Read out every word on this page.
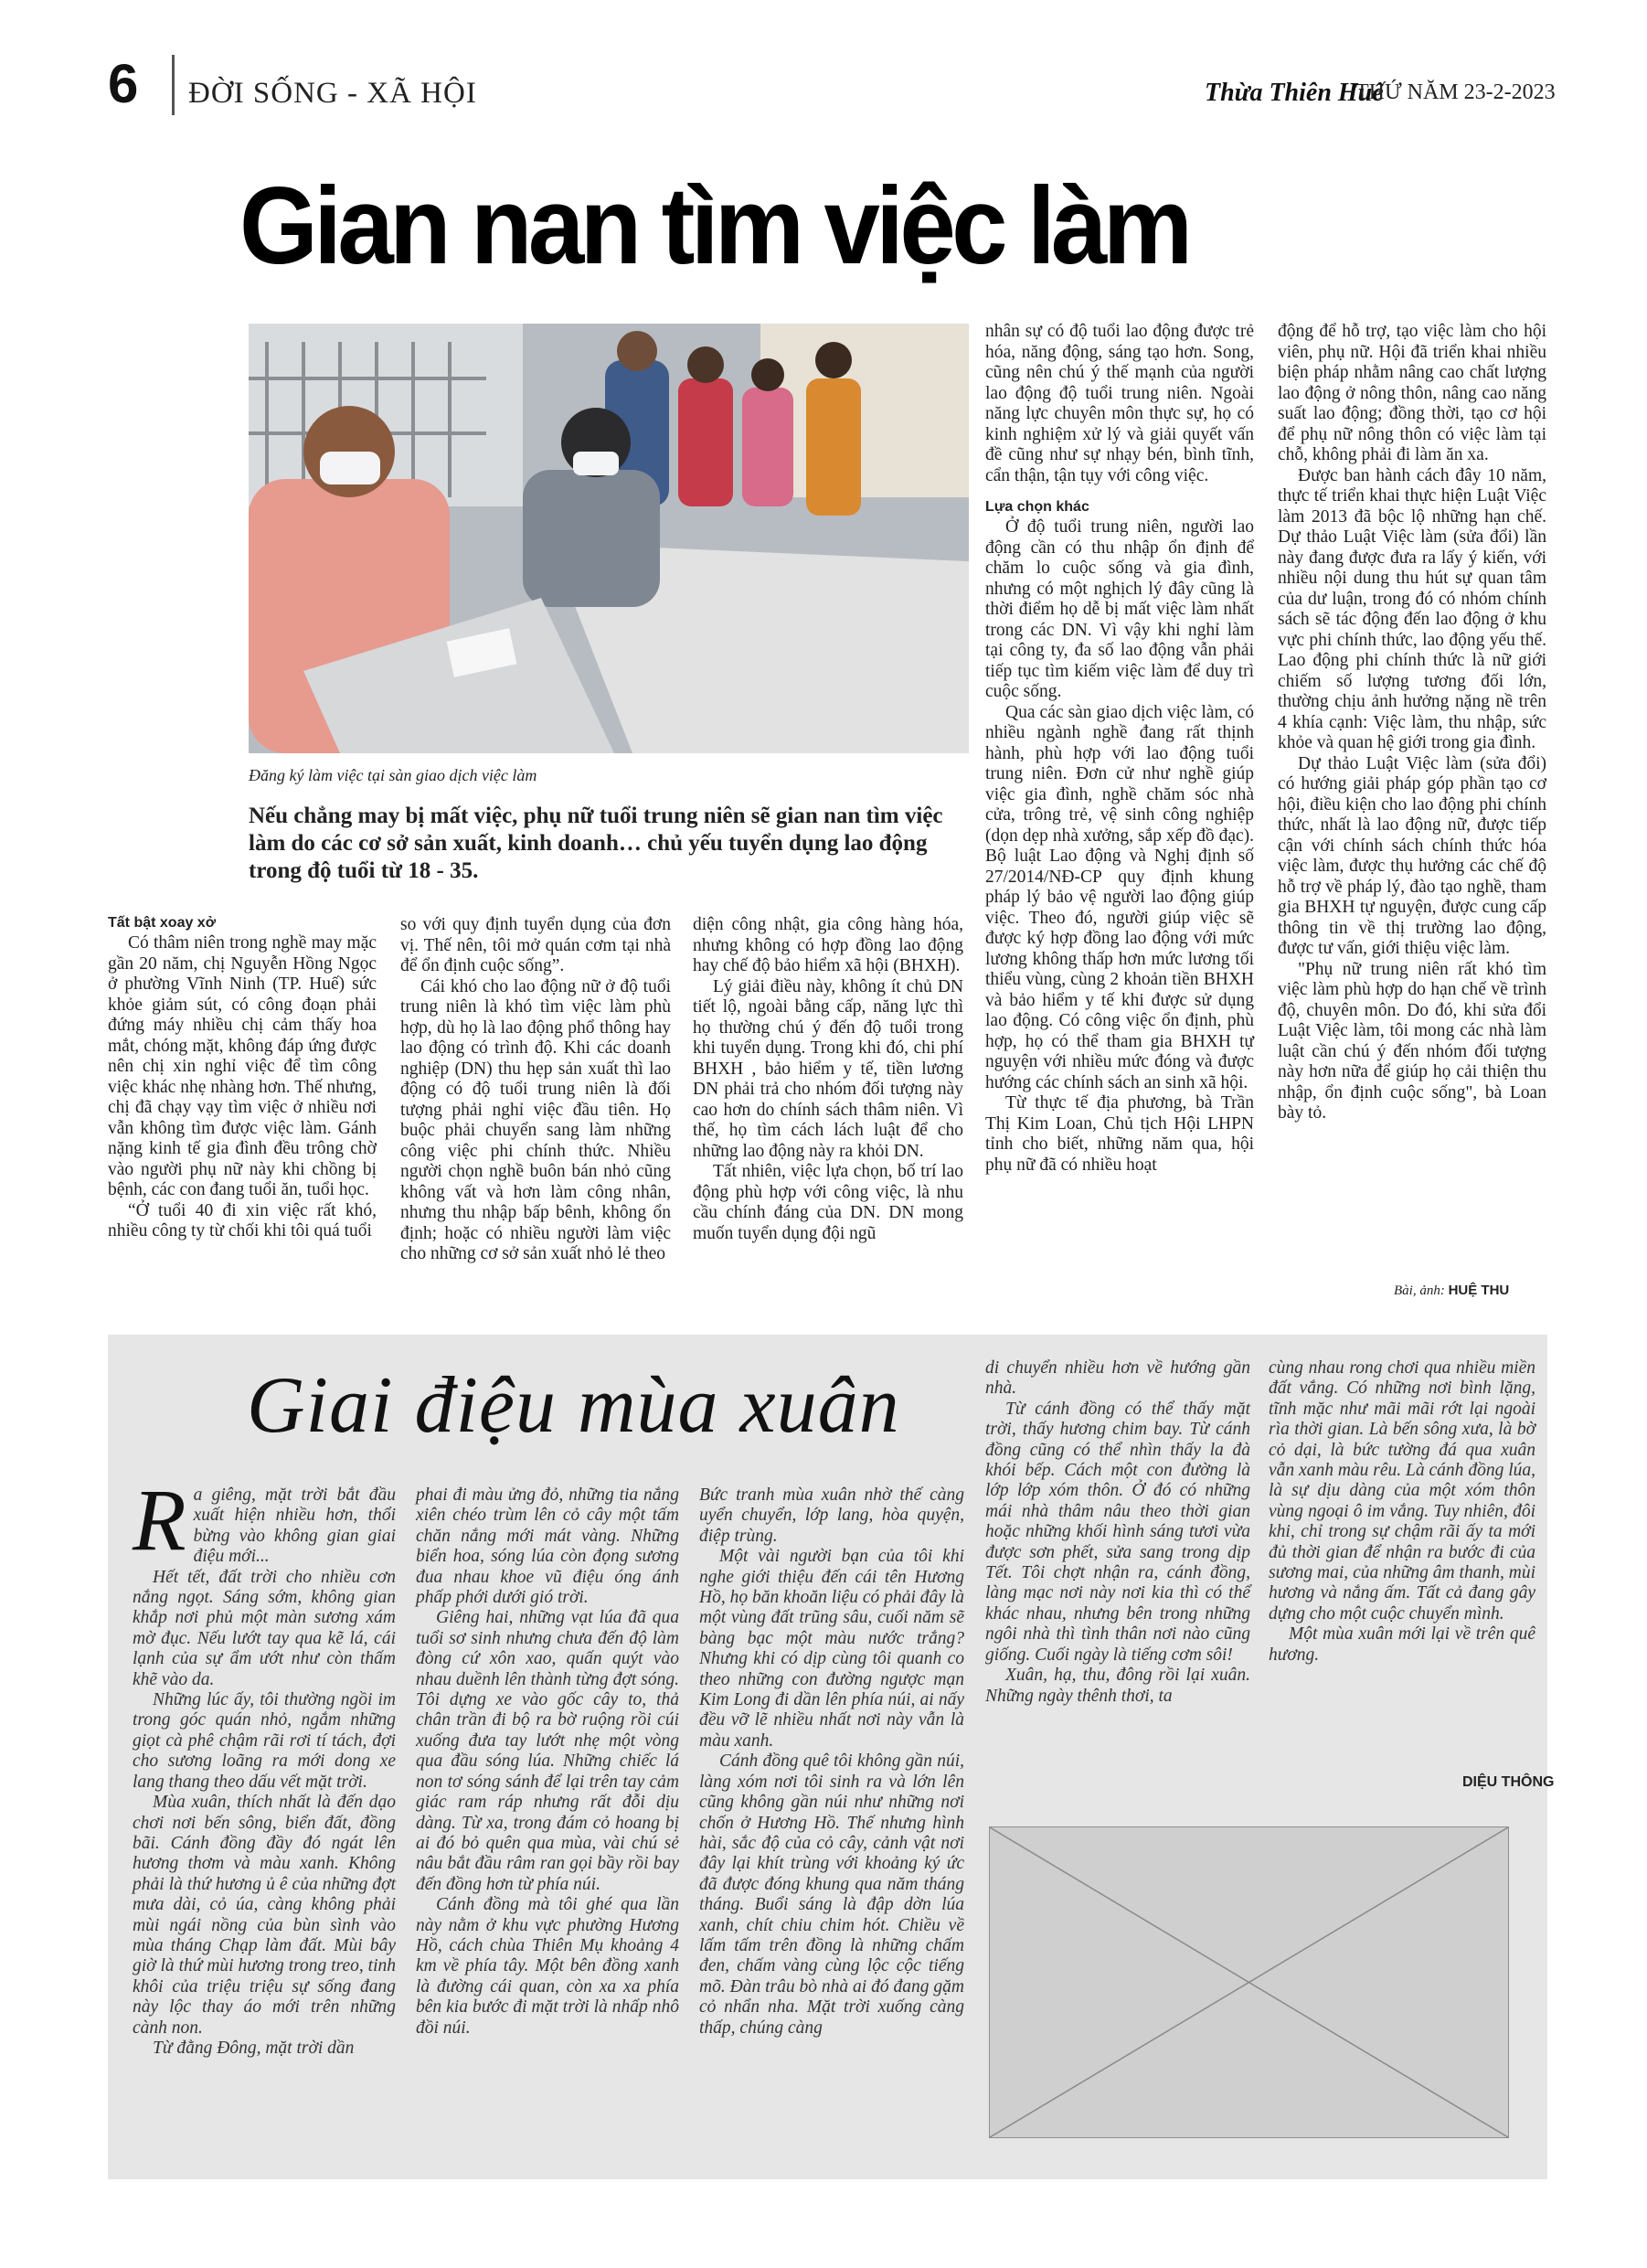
6 ĐỜI SỐNG - XÃ HỘI	Thừa Thiên Huế
THỨ NĂM 23-2-2023
Gian nan tìm việc làm
Đăng ký làm việc tại sàn giao dịch việc làm
Nếu chẳng may bị mất việc, phụ nữ tuổi trung niên sẽ gian nan tìm việc làm do các cơ sở sản xuất, kinh doanh… chủ yếu tuyển dụng lao động trong độ tuổi từ 18 - 35.
Tất bật xoay xở

Có thâm niên trong nghề may mặc gần 20 năm, chị Nguyễn Hồng Ngọc ở phường Vĩnh Ninh (TP. Huế) sức khỏe giảm sút, có công đoạn phải đứng máy nhiều chị cảm thấy hoa mắt, chóng mặt, không đáp ứng được nên chị xin nghỉ việc để tìm công việc khác nhẹ nhàng hơn. Thế nhưng, chị đã chạy vạy tìm việc ở nhiều nơi vẫn không tìm được việc làm. Gánh nặng kinh tế gia đình đều trông chờ vào người phụ nữ này khi chồng bị bệnh, các con đang tuổi ăn, tuổi học.

“Ở tuổi 40 đi xin việc rất khó, nhiều công ty từ chối khi tôi quá tuổi

so với quy định tuyển dụng của đơn vị. Thế nên, tôi mở quán cơm tại nhà để ổn định cuộc sống”.

Cái khó cho lao động nữ ở độ tuổi trung niên là khó tìm việc làm phù hợp, dù họ là lao động phổ thông hay lao động có trình độ. Khi các doanh nghiệp (DN) thu hẹp sản xuất thì lao động có độ tuổi trung niên là đối tượng phải nghỉ việc đầu tiên. Họ buộc phải chuyển sang làm những công việc phi chính thức. Nhiều người chọn nghề buôn bán nhỏ cũng không vất và hơn làm công nhân, nhưng thu nhập bấp bênh, không ổn định; hoặc có nhiều người làm việc cho những cơ sở sản xuất nhỏ lẻ theo

diện công nhật, gia công hàng hóa, nhưng không có hợp đồng lao động hay chế độ bảo hiểm xã hội (BHXH).

Lý giải điều này, không ít chủ DN tiết lộ, ngoài bằng cấp, năng lực thì họ thường chú ý đến độ tuổi trong khi tuyển dụng. Trong khi đó, chi phí BHXH , bảo hiểm y tế, tiền lương DN phải trả cho nhóm đối tượng này cao hơn do chính sách thâm niên. Vì thế, họ tìm cách lách luật để cho những lao động này ra khỏi DN.

Tất nhiên, việc lựa chọn, bố trí lao động phù hợp với công việc, là nhu cầu chính đáng của DN. DN mong muốn tuyển dụng đội ngũ

nhân sự có độ tuổi lao động được trẻ hóa, năng động, sáng tạo hơn. Song, cũng nên chú ý thế mạnh của người lao động độ tuổi trung niên. Ngoài năng lực chuyên môn thực sự, họ có kinh nghiệm xử lý và giải quyết vấn đề cũng như sự nhạy bén, bình tĩnh, cẩn thận, tận tụy với công việc.

Lựa chọn khác

Ở độ tuổi trung niên, người lao động cần có thu nhập ổn định để chăm lo cuộc sống và gia đình, nhưng có một nghịch lý đây cũng là thời điểm họ dễ bị mất việc làm nhất trong các DN. Vì vậy khi nghỉ làm tại công ty, đa số lao động vẫn phải tiếp tục tìm kiếm việc làm để duy trì cuộc sống.

Qua các sàn giao dịch việc làm, có nhiều ngành nghề đang rất thịnh hành, phù hợp với lao động tuổi trung niên. Đơn cử như nghề giúp việc gia đình, nghề chăm sóc nhà cửa, trông trẻ, vệ sinh công nghiệp (dọn dẹp nhà xưởng, sắp xếp đồ đạc). Bộ luật Lao động và Nghị định số 27/2014/NĐ-CP quy định khung pháp lý bảo vệ người lao động giúp việc. Theo đó, người giúp việc sẽ được ký hợp đồng lao động với mức lương không thấp hơn mức lương tối thiểu vùng, cùng 2 khoản tiền BHXH và bảo hiểm y tế khi được sử dụng lao động. Có công việc ổn định, phù hợp, họ có thể tham gia BHXH tự nguyện với nhiều mức đóng và được hướng các chính sách an sinh xã hội.

Từ thực tế địa phương, bà Trần Thị Kim Loan, Chủ tịch Hội LHPN tỉnh cho biết, những năm qua, hội phụ nữ đã có nhiều hoạt

động để hỗ trợ, tạo việc làm cho hội viên, phụ nữ. Hội đã triển khai nhiều biện pháp nhằm nâng cao chất lượng lao động ở nông thôn, nâng cao năng suất lao động; đồng thời, tạo cơ hội để phụ nữ nông thôn có việc làm tại chỗ, không phải đi làm ăn xa.

Được ban hành cách đây 10 năm, thực tế triển khai thực hiện Luật Việc làm 2013 đã bộc lộ những hạn chế. Dự thảo Luật Việc làm (sửa đổi) lần này đang được đưa ra lấy ý kiến, với nhiều nội dung thu hút sự quan tâm của dư luận, trong đó có nhóm chính sách sẽ tác động đến lao động ở khu vực phi chính thức, lao động yếu thế. Lao động phi chính thức là nữ giới chiếm số lượng tương đối lớn, thường chịu ảnh hưởng nặng nề trên 4 khía cạnh: Việc làm, thu nhập, sức khỏe và quan hệ giới trong gia đình.

Dự thảo Luật Việc làm (sửa đổi) có hướng giải pháp góp phần tạo cơ hội, điều kiện cho lao động phi chính thức, nhất là lao động nữ, được tiếp cận với chính sách chính thức hóa việc làm, được thụ hưởng các chế độ hỗ trợ về pháp lý, đào tạo nghề, tham gia BHXH tự nguyện, được cung cấp thông tin về thị trường lao động, được tư vấn, giới thiệu việc làm.

"Phụ nữ trung niên rất khó tìm việc làm phù hợp do hạn chế về trình độ, chuyên môn. Do đó, khi sửa đổi Luật Việc làm, tôi mong các nhà làm luật cần chú ý đến nhóm đối tượng này hơn nữa để giúp họ cải thiện thu nhập, ổn định cuộc sống", bà Loan bày tỏ.

Bài, ảnh: HUỆ THU
Giai điệu mùa xuân
R a giêng, mặt trời bắt đầu xuất hiện nhiều hơn, thổi bừng vào không gian giai điệu mới...

Hết tết, đất trời cho nhiều cơn nắng ngọt. Sáng sớm, không gian khắp nơi phủ một màn sương xám mờ đục. Nếu lướt tay qua kẽ lá, cái lạnh của sự ẩm ướt như còn thấm khẽ vào da.

Những lúc ấy, tôi thường ngồi im trong góc quán nhỏ, ngắm những giọt cà phê chậm rãi rơi tí tách, đợi cho sương loãng ra mới dong xe lang thang theo dấu vết mặt trời.

Mùa xuân, thích nhất là đến dạo chơi nơi bến sông, biển đất, đồng bãi. Cánh đồng đầy đó ngát lên hương thơm và màu xanh. Không phải là thứ hương ủ ê của những đợt mưa dài, cỏ úa, càng không phải mùi ngái nồng của bùn sình vào mùa tháng Chạp làm đất. Mùi bây giờ là thứ mùi hương trong treo, tinh khôi của triệu triệu sự sống đang này lộc thay áo mới trên những cành non.

Từ đằng Đông, mặt trời dần

phai đi màu ửng đỏ, những tia nắng xiên chéo trùm lên cỏ cây một tấm chăn nắng mới mát vàng. Những biển hoa, sóng lúa còn đọng sương đua nhau khoe vũ điệu óng ánh phấp phới dưới gió trời.

Giêng hai, những vạt lúa đã qua tuổi sơ sinh nhưng chưa đến độ làm đòng cứ xôn xao, quấn quýt vào nhau duềnh lên thành từng đợt sóng. Tôi dựng xe vào gốc cây to, thả chân trần đi bộ ra bờ ruộng rồi cúi xuống đưa tay lướt nhẹ một vòng qua đầu sóng lúa. Những chiếc lá non tơ sóng sánh để lại trên tay cảm giác ram ráp nhưng rất đỗi dịu dàng. Từ xa, trong đám cỏ hoang bị ai đó bỏ quên qua mùa, vài chú sẻ nâu bắt đầu râm ran gọi bầy rồi bay đến đồng hơn từ phía núi.

Cánh đồng mà tôi ghé qua lần này nằm ở khu vực phường Hương Hồ, cách chùa Thiên Mụ khoảng 4 km về phía tây. Một bên đồng xanh là đường cái quan, còn xa xa phía bên kia bước đi mặt trời là nhấp nhô đồi núi.

Bức tranh mùa xuân nhờ thế càng uyển chuyển, lớp lang, hòa quyện, điệp trùng.

Một vài người bạn của tôi khi nghe giới thiệu đến cái tên Hương Hồ, họ băn khoăn liệu có phải đây là một vùng đất trũng sâu, cuối năm sẽ bàng bạc một màu nước trắng? Nhưng khi có dịp cùng tôi quanh co theo những con đường ngược mạn Kim Long đi dần lên phía núi, ai nấy đều vỡ lẽ nhiều nhất nơi này vẫn là màu xanh.

Cánh đồng quê tôi không gần núi, làng xóm nơi tôi sinh ra và lớn lên cũng không gần núi như những nơi chốn ở Hương Hồ. Thế nhưng hình hài, sắc độ của cỏ cây, cảnh vật nơi đây lại khít trùng với khoảng ký ức đã được đóng khung qua năm tháng tháng. Buổi sáng là đập dờn lúa xanh, chít chiu chim hót. Chiều về lấm tấm trên đồng là những chấm đen, chấm vàng cùng lộc cộc tiếng mõ. Đàn trâu bò nhà ai đó đang gặm cỏ nhẩn nha. Mặt trời xuống càng thấp, chúng càng

di chuyển nhiều hơn về hướng gần nhà.

Từ cánh đồng có thể thấy mặt trời, thấy hương chim bay. Từ cánh đồng cũng có thể nhìn thấy la đà khói bếp. Cách một con đường là lớp lớp xóm thôn. Ở đó có những mái nhà thâm nâu theo thời gian hoặc những khối hình sáng tươi vừa được sơn phết, sửa sang trong dịp Tết. Tôi chợt nhận ra, cánh đồng, làng mạc nơi này nơi kia thì có thể khác nhau, nhưng bên trong những ngôi nhà thì tình thân nơi nào cũng giống. Cuối ngày là tiếng cơm sôi!

Xuân, hạ, thu, đông rồi lại xuân. Những ngày thênh thơi, ta

cùng nhau rong chơi qua nhiều miền đất vắng. Có những nơi bình lặng, tĩnh mặc như mãi mãi rớt lại ngoài rìa thời gian. Là bến sông xưa, là bờ cỏ dại, là bức tường đá qua xuân vẫn xanh màu rêu. Là cánh đồng lúa, là sự dịu dàng của một xóm thôn vùng ngoại ô im vắng. Tuy nhiên, đôi khi, chỉ trong sự chậm rãi ấy ta mới đủ thời gian để nhận ra bước đi của sương mai, của những âm thanh, mùi hương và nắng ấm. Tất cả đang gây dựng cho một cuộc chuyển mình.

Một mùa xuân mới lại về trên quê hương.

DIỆU THÔNG
